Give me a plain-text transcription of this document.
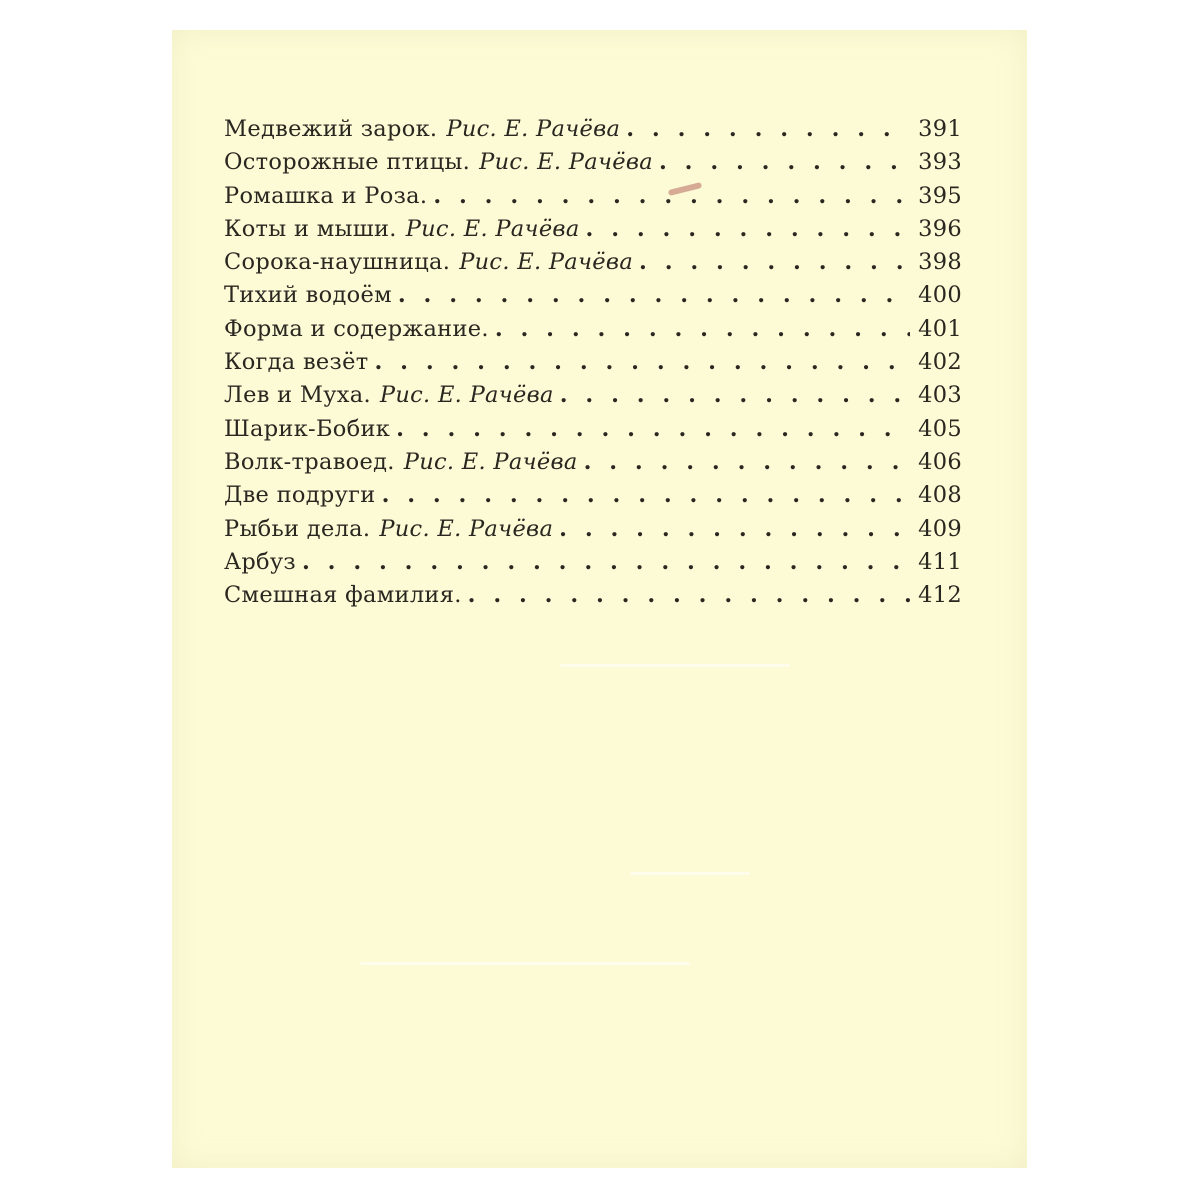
Медвежий зарок. Рис. Е. Рачёва . . .	391
Осторожные птицы. Рис. Е. Рачёва . . .	393
Ромашка и Роза. . . .	395
Коты и мыши. Рис. Е. Рачёва . . .	396
Сорока-наушница. Рис. Е. Рачёва . . .	398
Тихий водоём . . .	400
Форма и содержание. . . .	401
Когда везёт . . .	402
Лев и Муха. Рис. Е. Рачёва . . .	403
Шарик-Бобик . . .	405
Волк-травоед. Рис. Е. Рачёва . . .	406
Две подруги . . .	408
Рыбьи дела. Рис. Е. Рачёва . . .	409
Арбуз . . .	411
Смешная фамилия. . . .	412
